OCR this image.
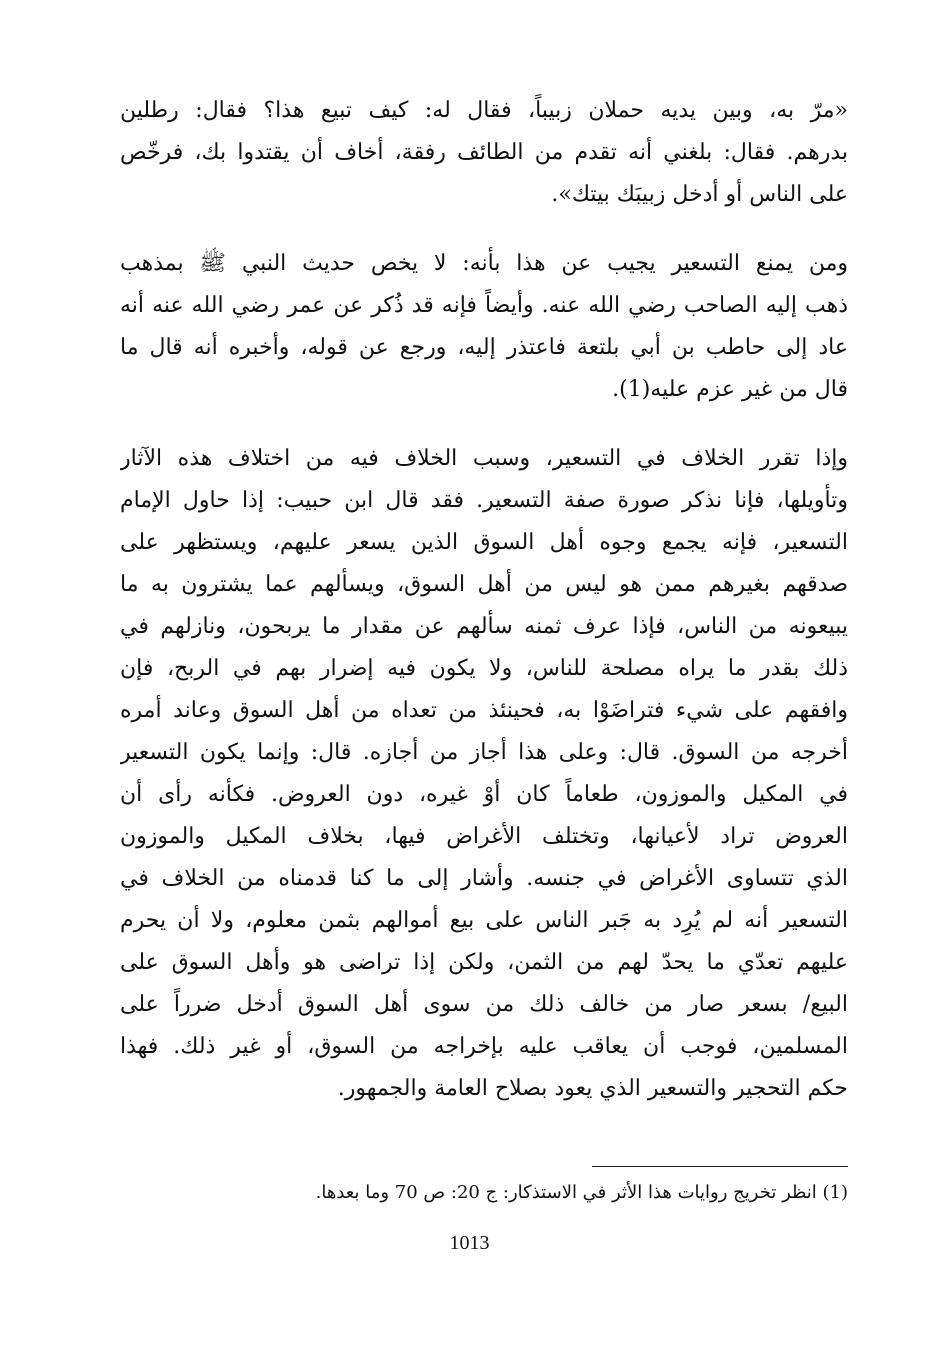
«مرّ به، وبين يديه حملان زبيباً، فقال له: كيف تبيع هذا؟ فقال: رطلين
بدرهم. فقال: بلغني أنه تقدم من الطائف رفقة، أخاف أن يقتدوا بك، فرخّص
على الناس أو أدخل زبيبَك بيتك».
ومن يمنع التسعير يجيب عن هذا بأنه: لا يخص حديث النبي ﷺ بمذهب
ذهب إليه الصاحب رضي الله عنه. وأيضاً فإنه قد ذُكر عن عمر رضي الله عنه أنه
عاد إلى حاطب بن أبي بلتعة فاعتذر إليه، ورجع عن قوله، وأخبره أنه قال ما
قال من غير عزم عليه(1).
وإذا تقرر الخلاف في التسعير، وسبب الخلاف فيه من اختلاف هذه الآثار
وتأويلها، فإنا نذكر صورة صفة التسعير. فقد قال ابن حبيب: إذا حاول الإمام
التسعير، فإنه يجمع وجوه أهل السوق الذين يسعر عليهم، ويستظهر على
صدقهم بغيرهم ممن هو ليس من أهل السوق، ويسألهم عما يشترون به ما
يبيعونه من الناس، فإذا عرف ثمنه سألهم عن مقدار ما يربحون، ونازلهم في
ذلك بقدر ما يراه مصلحة للناس، ولا يكون فيه إضرار بهم في الربح، فإن
وافقهم على شيء فتراضَوْا به، فحينئذ من تعداه من أهل السوق وعاند أمره
أخرجه من السوق. قال: وعلى هذا أجاز من أجازه. قال: وإنما يكون التسعير
في المكيل والموزون، طعاماً كان أوْ غيره، دون العروض. فكأنه رأى أن
العروض تراد لأعيانها، وتختلف الأغراض فيها، بخلاف المكيل والموزون
الذي تتساوى الأغراض في جنسه. وأشار إلى ما كنا قدمناه من الخلاف في
التسعير أنه لم يُرِد به جَبر الناس على بيع أموالهم بثمن معلوم، ولا أن يحرم
عليهم تعدّي ما يحدّ لهم من الثمن، ولكن إذا تراضى هو وأهل السوق على
البيع/ بسعر صار من خالف ذلك من سوى أهل السوق أدخل ضرراً على
المسلمين، فوجب أن يعاقب عليه بإخراجه من السوق، أو غير ذلك. فهذا
حكم التحجير والتسعير الذي يعود بصلاح العامة والجمهور.
(1) انظر تخريج روايات هذا الأثر في الاستذكار: ج 20: ص 70 وما بعدها.
1013
